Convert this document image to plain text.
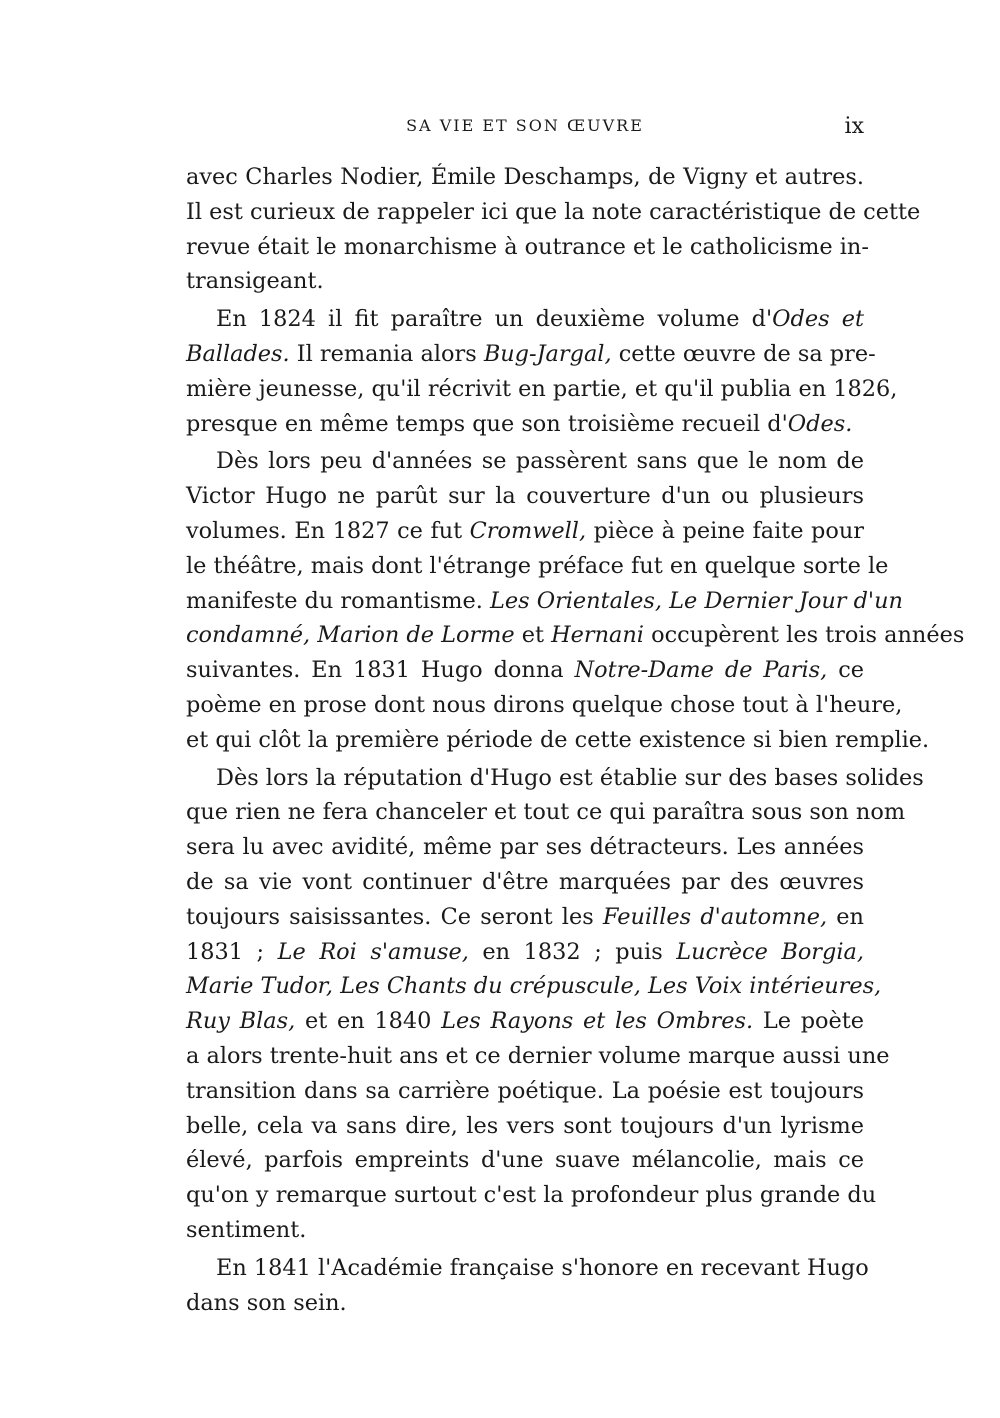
SA VIE ET SON ŒUVRE	ix

avec Charles Nodier, Émile Deschamps, de Vigny et autres.
Il est curieux de rappeler ici que la note caractéristique de cette
revue était le monarchisme à outrance et le catholicisme in-
transigeant.

En 1824 il fit paraître un deuxième volume d'Odes et
Ballades. Il remania alors Bug-Jargal, cette œuvre de sa pre-
mière jeunesse, qu'il récrivit en partie, et qu'il publia en 1826,
presque en même temps que son troisième recueil d'Odes.

Dès lors peu d'années se passèrent sans que le nom de
Victor Hugo ne parût sur la couverture d'un ou plusieurs
volumes. En 1827 ce fut Cromwell, pièce à peine faite pour
le théâtre, mais dont l'étrange préface fut en quelque sorte le
manifeste du romantisme. Les Orientales, Le Dernier Jour d'un
condamné, Marion de Lorme et Hernani occupèrent les trois années
suivantes. En 1831 Hugo donna Notre-Dame de Paris, ce
poème en prose dont nous dirons quelque chose tout à l'heure,
et qui clôt la première période de cette existence si bien remplie.

Dès lors la réputation d'Hugo est établie sur des bases solides
que rien ne fera chanceler et tout ce qui paraîtra sous son nom
sera lu avec avidité, même par ses détracteurs. Les années
de sa vie vont continuer d'être marquées par des œuvres
toujours saisissantes. Ce seront les Feuilles d'automne, en
1831 ; Le Roi s'amuse, en 1832 ; puis Lucrèce Borgia,
Marie Tudor, Les Chants du crépuscule, Les Voix intérieures,
Ruy Blas, et en 1840 Les Rayons et les Ombres. Le poète
a alors trente-huit ans et ce dernier volume marque aussi une
transition dans sa carrière poétique. La poésie est toujours
belle, cela va sans dire, les vers sont toujours d'un lyrisme
élevé, parfois empreints d'une suave mélancolie, mais ce
qu'on y remarque surtout c'est la profondeur plus grande du
sentiment.

En 1841 l'Académie française s'honore en recevant Hugo
dans son sein.
